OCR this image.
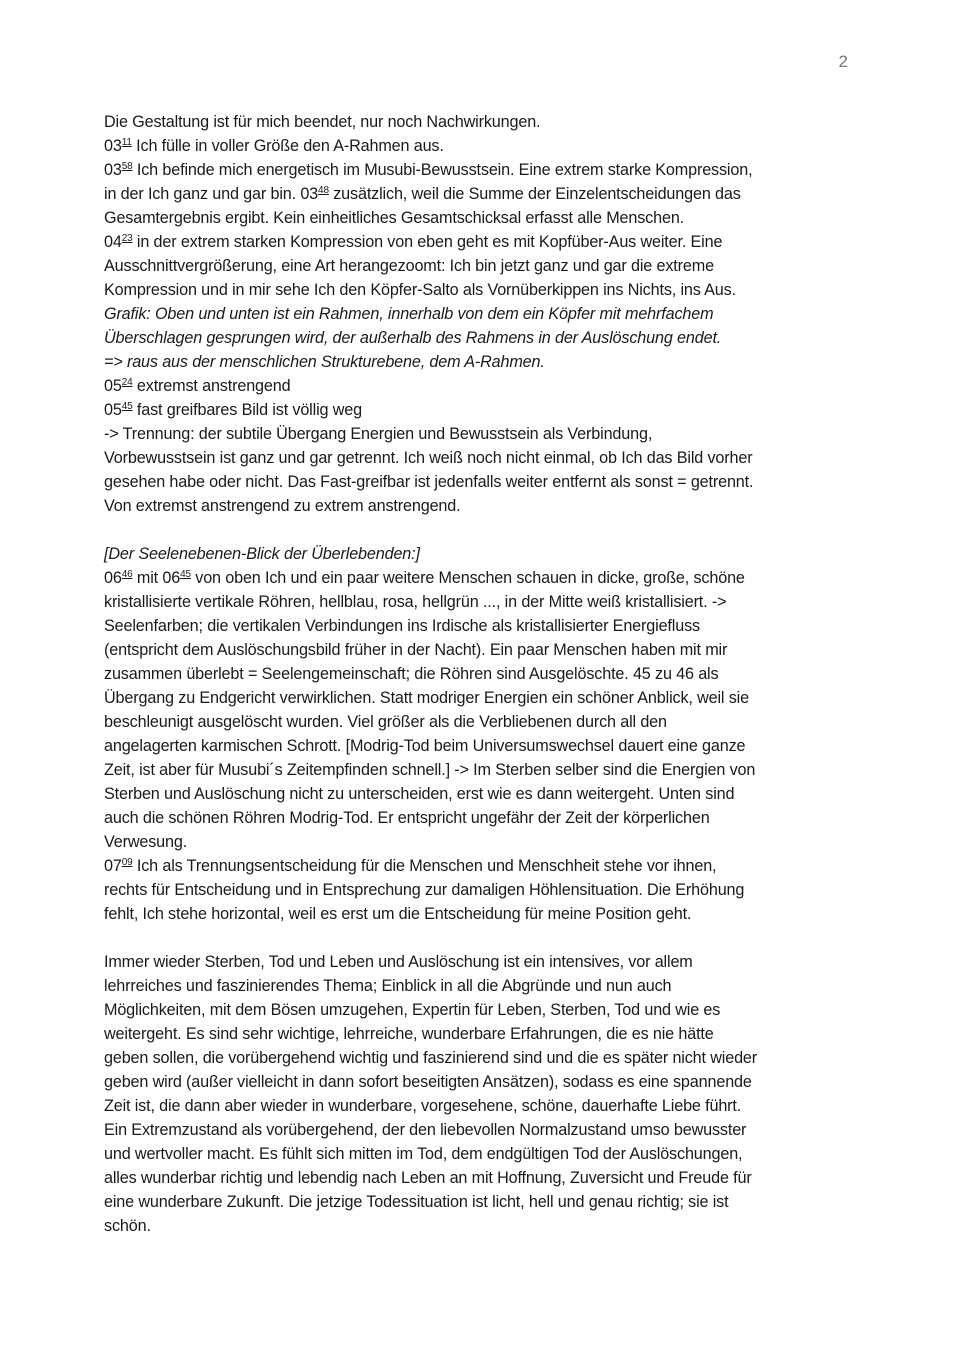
2
Die Gestaltung ist für mich beendet, nur noch Nachwirkungen.
$03^{11}$ Ich fülle in voller Größe den A-Rahmen aus.
$03^{58}$ Ich befinde mich energetisch im Musubi-Bewusstsein. Eine extrem starke Kompression,
in der Ich ganz und gar bin. $03^{48}$ zusätzlich, weil die Summe der Einzelentscheidungen das
Gesamtergebnis ergibt. Kein einheitliches Gesamtschicksal erfasst alle Menschen.
$04^{23}$ in der extrem starken Kompression von eben geht es mit Kopfüber-Aus weiter. Eine
Ausschnittvergrößerung, eine Art herangezoomt: Ich bin jetzt ganz und gar die extreme
Kompression und in mir sehe Ich den Köpfer-Salto als Vornüberkippen ins Nichts, ins Aus.
Grafik: Oben und unten ist ein Rahmen, innerhalb von dem ein Köpfer mit mehrfachem
Überschlagen gesprungen wird, der außerhalb des Rahmens in der Auslöschung endet.
=> raus aus der menschlichen Strukturebene, dem A-Rahmen.
$05^{24}$ extremst anstrengend
$05^{45}$ fast greifbares Bild ist völlig weg
-> Trennung: der subtile Übergang Energien und Bewusstsein als Verbindung,
Vorbewusstsein ist ganz und gar getrennt. Ich weiß noch nicht einmal, ob Ich das Bild vorher
gesehen habe oder nicht. Das Fast-greifbar ist jedenfalls weiter entfernt als sonst = getrennt.
Von extremst anstrengend zu extrem anstrengend.
[Der Seelenebenen-Blick der Überlebenden:]
$06^{46}$ mit $06^{45}$ von oben Ich und ein paar weitere Menschen schauen in dicke, große, schöne
kristallisierte vertikale Röhren, hellblau, rosa, hellgrün ..., in der Mitte weiß kristallisiert. ->
Seelenfarben; die vertikalen Verbindungen ins Irdische als kristallisierter Energiefluss
(entspricht dem Auslöschungsbild früher in der Nacht). Ein paar Menschen haben mit mir
zusammen überlebt = Seelengemeinschaft; die Röhren sind Ausgelöschte. 45 zu 46 als
Übergang zu Endgericht verwirklichen. Statt modriger Energien ein schöner Anblick, weil sie
beschleunigt ausgelöscht wurden. Viel größer als die Verbliebenen durch all den
angelagerten karmischen Schrott. [Modrig-Tod beim Universumswechsel dauert eine ganze
Zeit, ist aber für Musubi´s Zeitempfinden schnell.] -> Im Sterben selber sind die Energien von
Sterben und Auslöschung nicht zu unterscheiden, erst wie es dann weitergeht. Unten sind
auch die schönen Röhren Modrig-Tod. Er entspricht ungefähr der Zeit der körperlichen
Verwesung.
$07^{09}$ Ich als Trennungsentscheidung für die Menschen und Menschheit stehe vor ihnen,
rechts für Entscheidung und in Entsprechung zur damaligen Höhlensituation. Die Erhöhung
fehlt, Ich stehe horizontal, weil es erst um die Entscheidung für meine Position geht.
Immer wieder Sterben, Tod und Leben und Auslöschung ist ein intensives, vor allem
lehrreiches und faszinierendes Thema; Einblick in all die Abgründe und nun auch
Möglichkeiten, mit dem Bösen umzugehen, Expertin für Leben, Sterben, Tod und wie es
weitergeht. Es sind sehr wichtige, lehrreiche, wunderbare Erfahrungen, die es nie hätte
geben sollen, die vorübergehend wichtig und faszinierend sind und die es später nicht wieder
geben wird (außer vielleicht in dann sofort beseitigten Ansätzen), sodass es eine spannende
Zeit ist, die dann aber wieder in wunderbare, vorgesehene, schöne, dauerhafte Liebe führt.
Ein Extremzustand als vorübergehend, der den liebevollen Normalzustand umso bewusster
und wertvoller macht. Es fühlt sich mitten im Tod, dem endgültigen Tod der Auslöschungen,
alles wunderbar richtig und lebendig nach Leben an mit Hoffnung, Zuversicht und Freude für
eine wunderbare Zukunft. Die jetzige Todessituation ist licht, hell und genau richtig; sie ist
schön.
